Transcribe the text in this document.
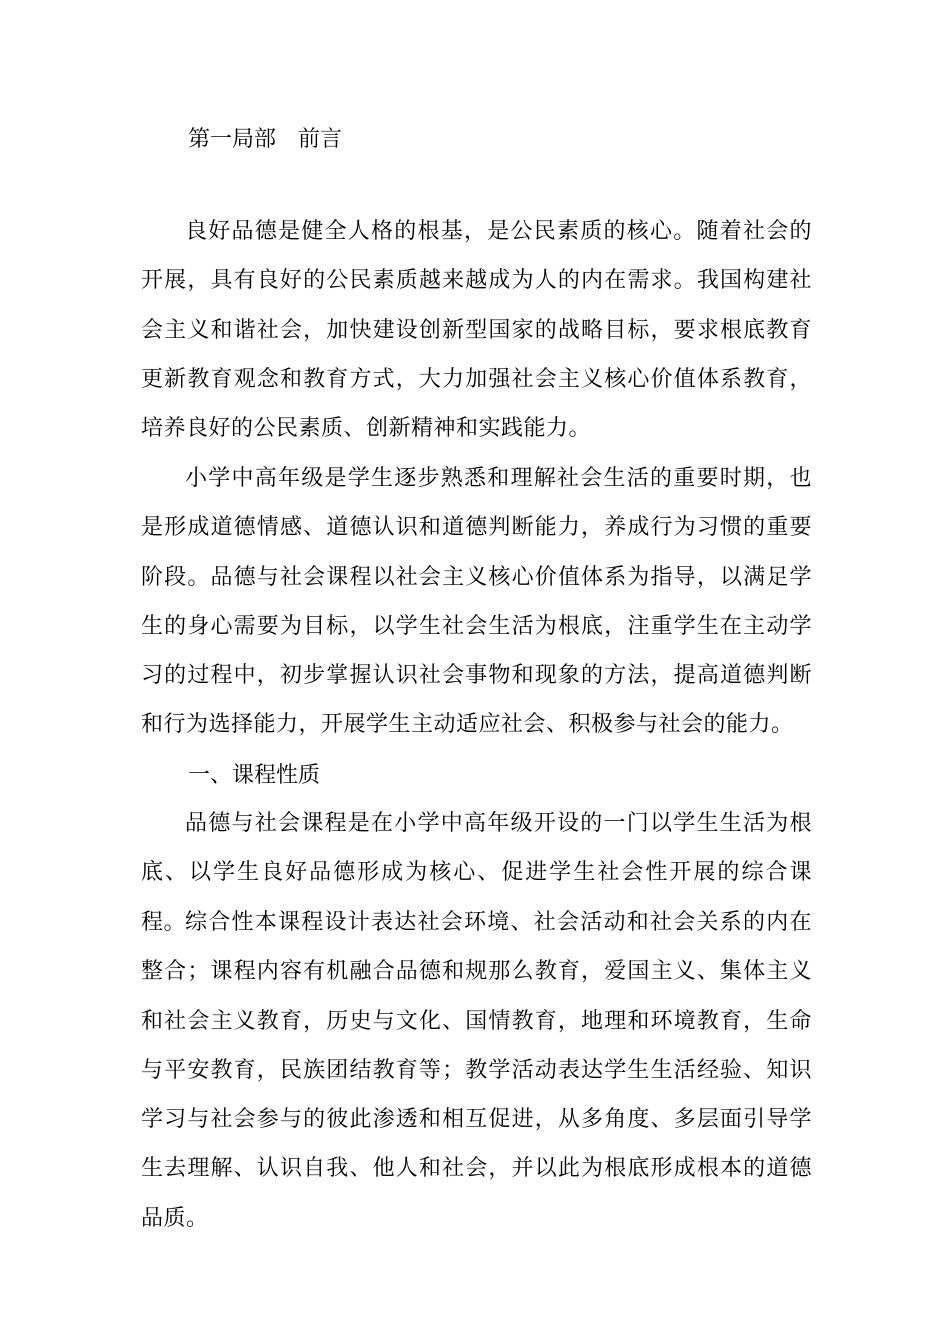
第一局部 前言

良好品德是健全人格的根基，是公民素质的核心。随着社会的开展，具有良好的公民素质越来越成为人的内在需求。我国构建社会主义和谐社会，加快建设创新型国家的战略目标，要求根底教育更新教育观念和教育方式，大力加强社会主义核心价值体系教育，培养良好的公民素质、创新精神和实践能力。

小学中高年级是学生逐步熟悉和理解社会生活的重要时期，也是形成道德情感、道德认识和道德判断能力，养成行为习惯的重要阶段。品德与社会课程以社会主义核心价值体系为指导，以满足学生的身心需要为目标，以学生社会生活为根底，注重学生在主动学习的过程中，初步掌握认识社会事物和现象的方法，提高道德判断和行为选择能力，开展学生主动适应社会、积极参与社会的能力。

一、课程性质

品德与社会课程是在小学中高年级开设的一门以学生生活为根底、以学生良好品德形成为核心、促进学生社会性开展的综合课程。

综合性本课程设计表达社会环境、社会活动和社会关系的内在整合；课程内容有机融合品德和规那么教育，爱国主义、集体主义和社会主义教育，历史与文化、国情教育，地理和环境教育，生命与平安教育，民族团结教育等；教学活动表达学生生活经验、知识学习与社会参与的彼此渗透和相互促进，从多角度、多层面引导学生去理解、认识自我、他人和社会，并以此为根底形成根本的道德品质。
